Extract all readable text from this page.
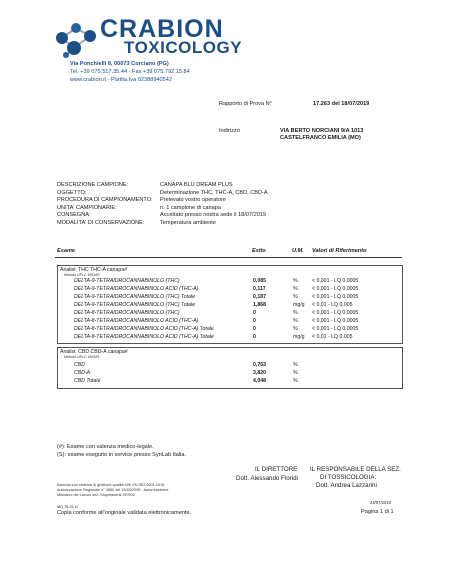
CRABION
TOXICOLOGY
Via Ponchielli 8, 00073 Corciano (PG)
Tel. +39 075.517.35.44 - Fax +39 075.792.15.84
www.crabion.it - Partita.Iva 02388940542
Rapporto di Prova N°	17.263 del 18/07/2019
Indirizzo	VIA BERTO NORCIANI 9/A 1013
CASTELFRANCO EMILIA (MO)
DESCRIZIONE CAMPIONE:	CANAPA BLU DREAM PLUS
OGGETTO:	Determinazione THC, THC-A, CBD, CBD-A
PROCEDURA DI CAMPIONAMENTO: Prelevato vostro operatore
UNITA' CAMPIONARIE:	n. 1 campione di canapa
CONSEGNA:	Accettato presso nostra sede il 18/07/2019
MODALITA' DI CONSERVAZIONE:	Temperatura ambiente
Esame	Esito	U.M. Valori di Riferimento
Analisi: THC THC-A canapa#
Metodo UPLC MS-MS
DELTA-9-TETRAIDROCANNABINOLO (THC)	0,085	%	< 0,001 - LQ 0.0005
DELTA-9-TETRAIDROCANNABINOLO ACID (THC-A)	0,117	%	< 0,001 - LQ 0.0005
DELTA-9-TETRAIDROCANNABINOLO (THC) Totale	0,187	%	< 0,001 - LQ 0.0005
DELTA-9-TETRAIDROCANNABINOLO (THC) Totale	1,868	mg/g < 0,01 - LQ 0.005
DELTA-8-TETRAIDROCANNABINOLO (THC)	0	%	< 0,001 - LQ 0.0005
DELTA-8-TETRAIDROCANNABINOLO ACID (THC-A)	0	%	< 0,001 - LQ 0.0005
DELTA-8-TETRAIDROCANNABINOLO ACID (THC-A) Totale	0	%	< 0,001 - LQ 0.0005
DELTA-8-TETRAIDROCANNABINOLO ACID (THC-A) Totale	0	mg/g < 0,01 - LQ 0.005
Analisi: CBD CBD-A canapa#
Metodo UPLC MS/MS
CBD	0,763	%
CBD-A	3,820	%
CBD Totale	4,048	%
(#): Esame con valenza medico-legale.
(S): esame eseguito in service presso SynLab Italia.
IL DIRETTORE
Dott. Alessando Floridi
IL RESPONSABILE DELLA SEZ.
DI TOSSICOLOGIA:
Dott. Andrea Lazzarini
Azienda con sistema di gestione qualità UNI EN ISO 9001:2015
Autorizzazione Regionale n° 4850 del 15/03/2009 - Autorizzazione
Ministero del Lavoro sez. Stupefacenti SP/002
24/07/2019
MO 75-01 D
Copia conforme all'originale validata elettronicamente.	Pagina 1 di 1
